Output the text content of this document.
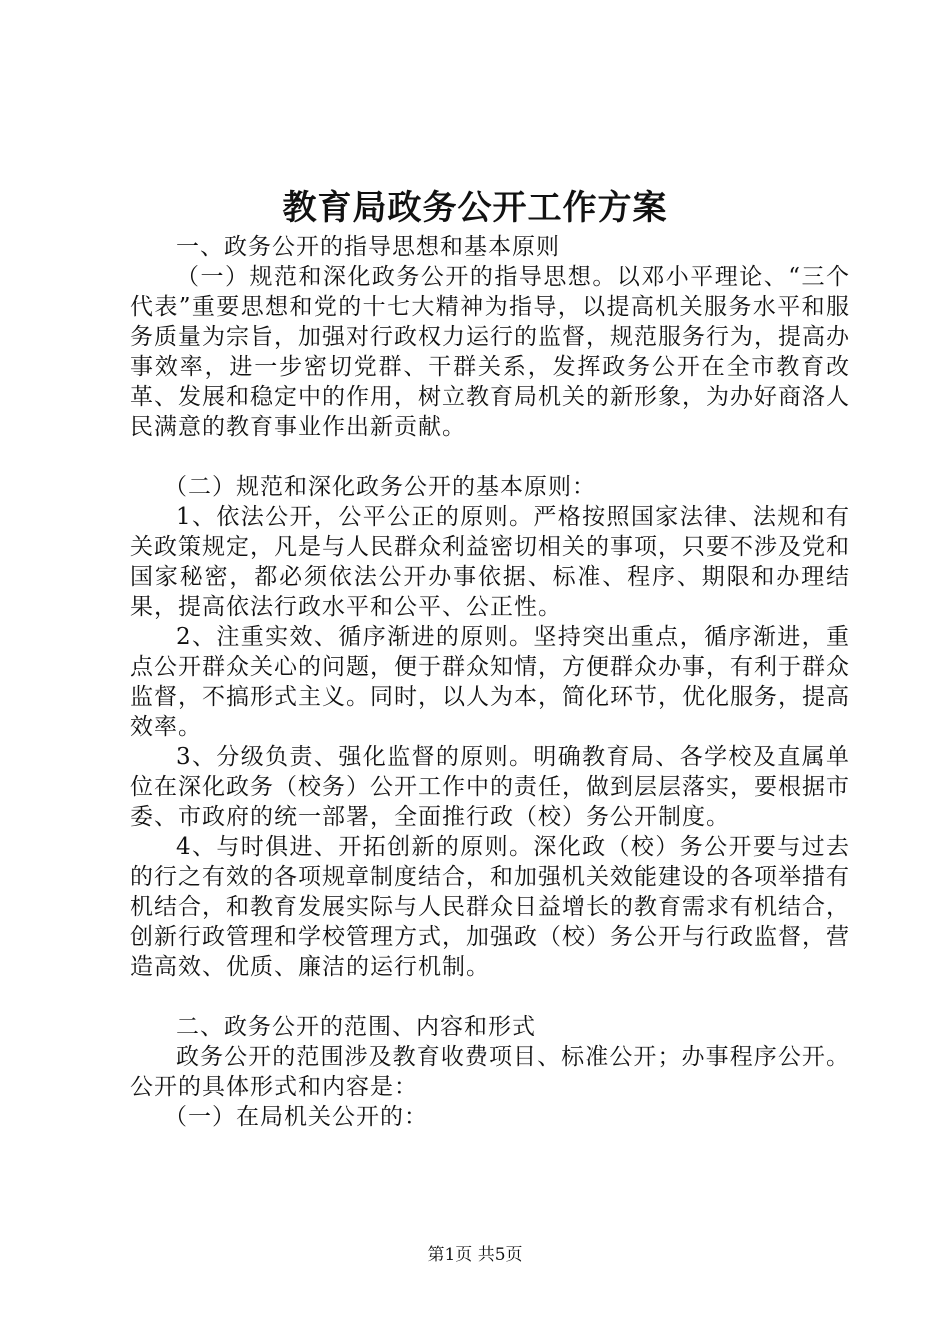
教育局政务公开工作方案

一、政务公开的指导思想和基本原则

（一）规范和深化政务公开的指导思想。以邓小平理论、“三个代表”重要思想和党的十七大精神为指导，以提高机关服务水平和服务质量为宗旨，加强对行政权力运行的监督，规范服务行为，提高办事效率，进一步密切党群、干群关系，发挥政务公开在全市教育改革、发展和稳定中的作用，树立教育局机关的新形象，为办好商洛人民满意的教育事业作出新贡献。

（二）规范和深化政务公开的基本原则：

1、依法公开，公平公正的原则。严格按照国家法律、法规和有关政策规定，凡是与人民群众利益密切相关的事项，只要不涉及党和国家秘密，都必须依法公开办事依据、标准、程序、期限和办理结果，提高依法行政水平和公平、公正性。

2、注重实效、循序渐进的原则。坚持突出重点，循序渐进，重点公开群众关心的问题，便于群众知情，方便群众办事，有利于群众监督，不搞形式主义。同时，以人为本，简化环节，优化服务，提高效率。

3、分级负责、强化监督的原则。明确教育局、各学校及直属单位在深化政务（校务）公开工作中的责任，做到层层落实，要根据市委、市政府的统一部署，全面推行政（校）务公开制度。

4、与时俱进、开拓创新的原则。深化政（校）务公开要与过去的行之有效的各项规章制度结合，和加强机关效能建设的各项举措有机结合，和教育发展实际与人民群众日益增长的教育需求有机结合，创新行政管理和学校管理方式，加强政（校）务公开与行政监督，营造高效、优质、廉洁的运行机制。

二、政务公开的范围、内容和形式

政务公开的范围涉及教育收费项目、标准公开；办事程序公开。公开的具体形式和内容是：

（一）在局机关公开的：

第1页 共5页
